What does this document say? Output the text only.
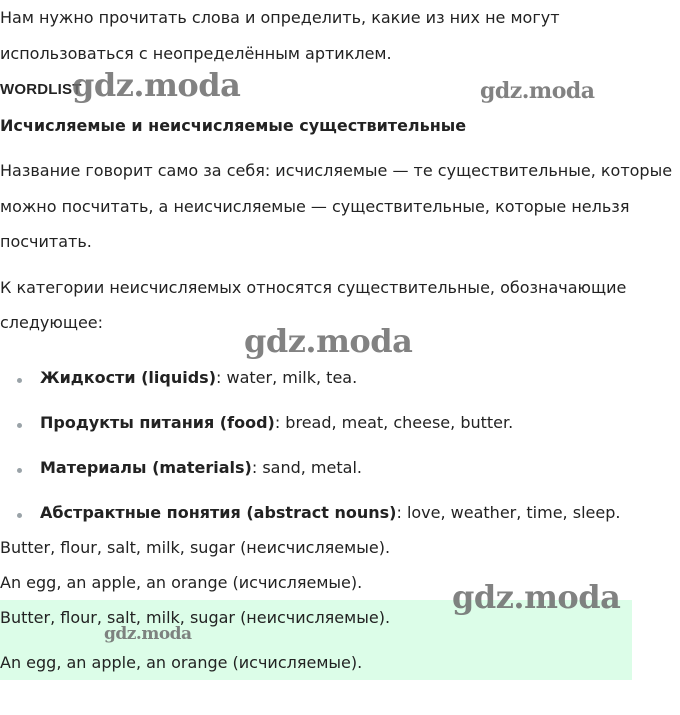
Нам нужно прочитать слова и определить, какие из них не могут
использоваться с неопределённым артиклем.
WORDLIST
Исчисляемые и неисчисляемые существительные
Название говорит само за себя: исчисляемые — те существительные, которые
можно посчитать, а неисчисляемые — существительные, которые нельзя
посчитать.
К категории неисчисляемых относятся существительные, обозначающие
следующее:
Жидкости (liquids): water, milk, tea.
Продукты питания (food): bread, meat, cheese, butter.
Материалы (materials): sand, metal.
Абстрактные понятия (abstract nouns): love, weather, time, sleep.
Butter, flour, salt, milk, sugar (неисчисляемые).
An egg, an apple, an orange (исчисляемые).
Butter, flour, salt, milk, sugar (неисчисляемые).
An egg, an apple, an orange (исчисляемые).
gdz.moda	gdz.moda
gdz.moda
gdz.moda
gdz.moda
